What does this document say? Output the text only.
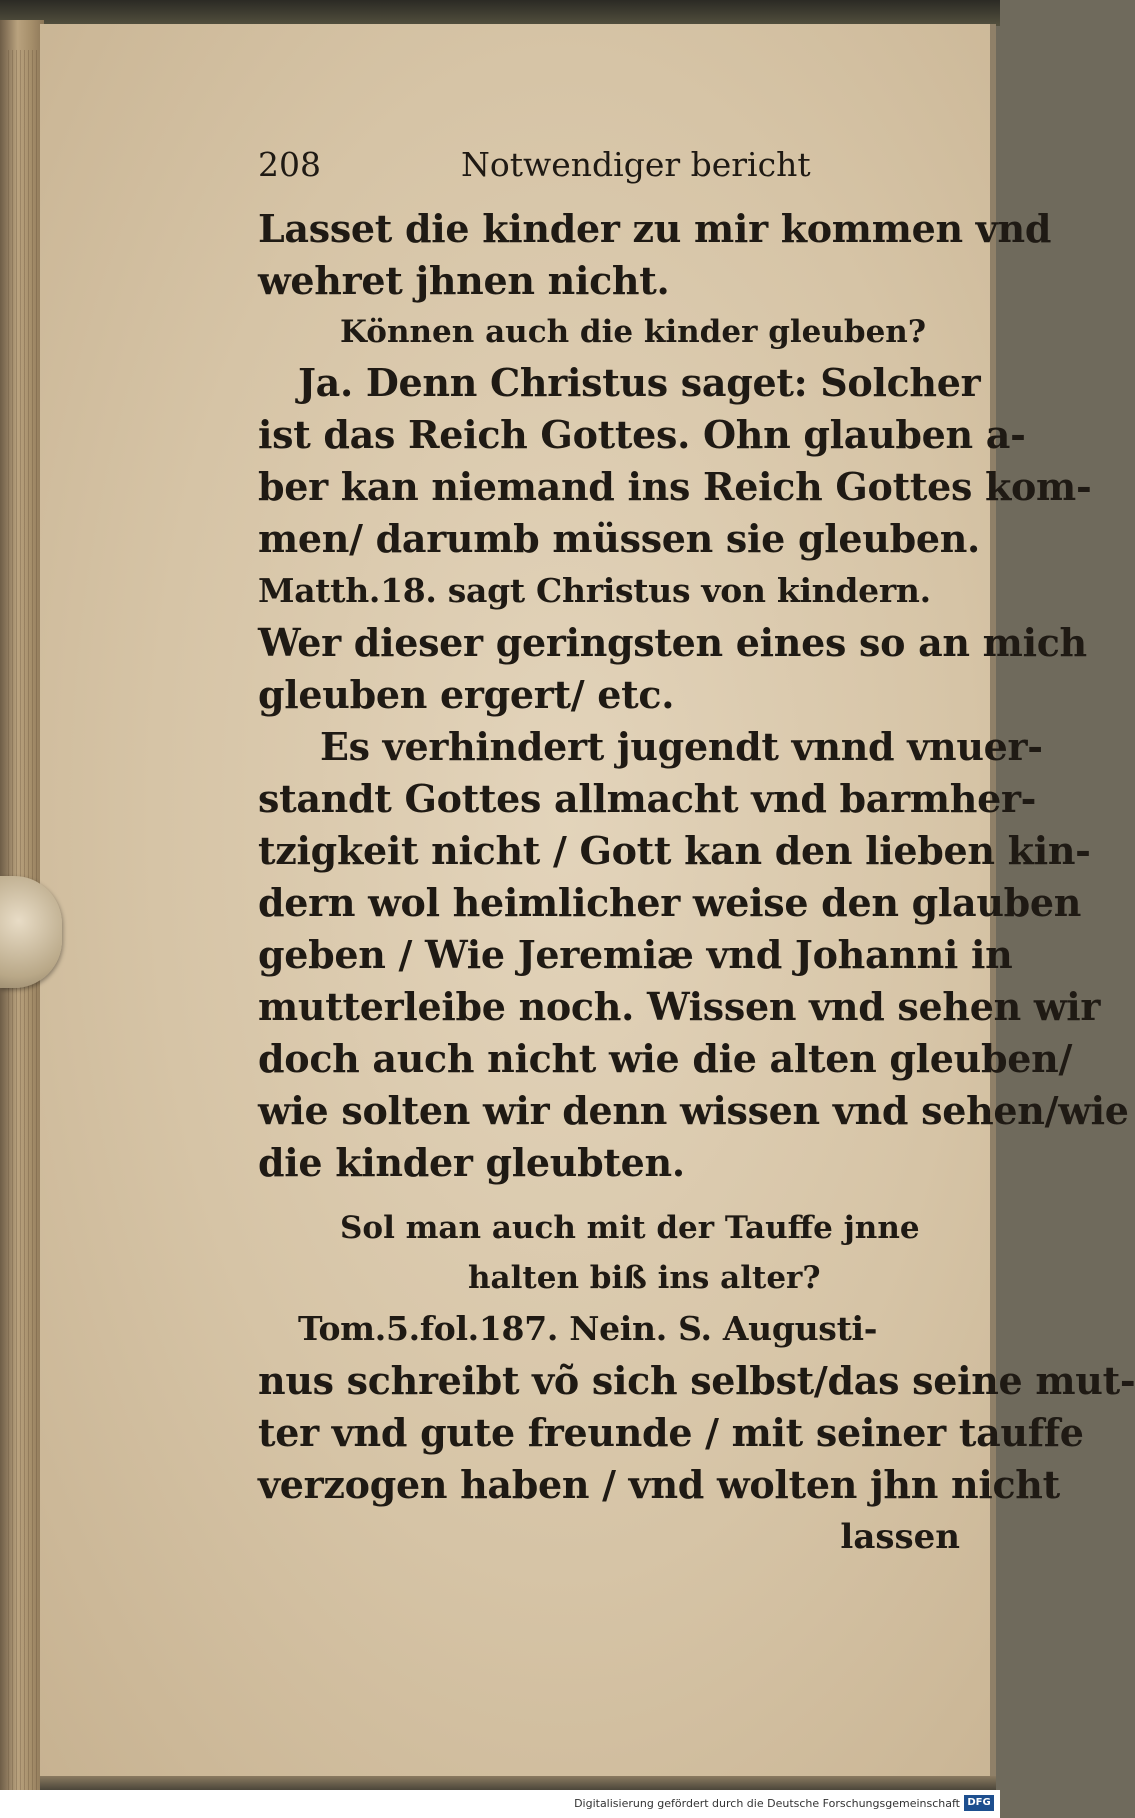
208	Notwendiger bericht
Lasset die kinder zu mir kommen vnd
wehret jhnen nicht.
Können auch die kinder gleuben?
Ja. Denn Christus saget: Solcher
ist das Reich Gottes. Ohn glauben a-
ber kan niemand ins Reich Gottes kom-
men/ darumb müssen sie gleuben.
Matth.18. sagt Christus von kindern.
Wer dieser geringsten eines so an mich
gleuben ergert/ etc.
Es verhindert jugendt vnnd vnuer-
standt Gottes allmacht vnd barmher-
tzigkeit nicht / Gott kan den lieben kin-
dern wol heimlicher weise den glauben
geben / Wie Jeremiæ vnd Johanni in
mutterleibe noch. Wissen vnd sehen wir
doch auch nicht wie die alten gleuben/
wie solten wir denn wissen vnd sehen/wie
die kinder gleubten.
Sol man auch mit der Tauffe jnne
halten biß ins alter?
Tom.5.fol.187. Nein. S. Augusti-
nus schreibt võ sich selbst/das seine mut-
ter vnd gute freunde / mit seiner tauffe
verzogen haben / vnd wolten jhn nicht
lassen
Digitalisierung gefördert durch die Deutsche Forschungsgemeinschaft DFG
